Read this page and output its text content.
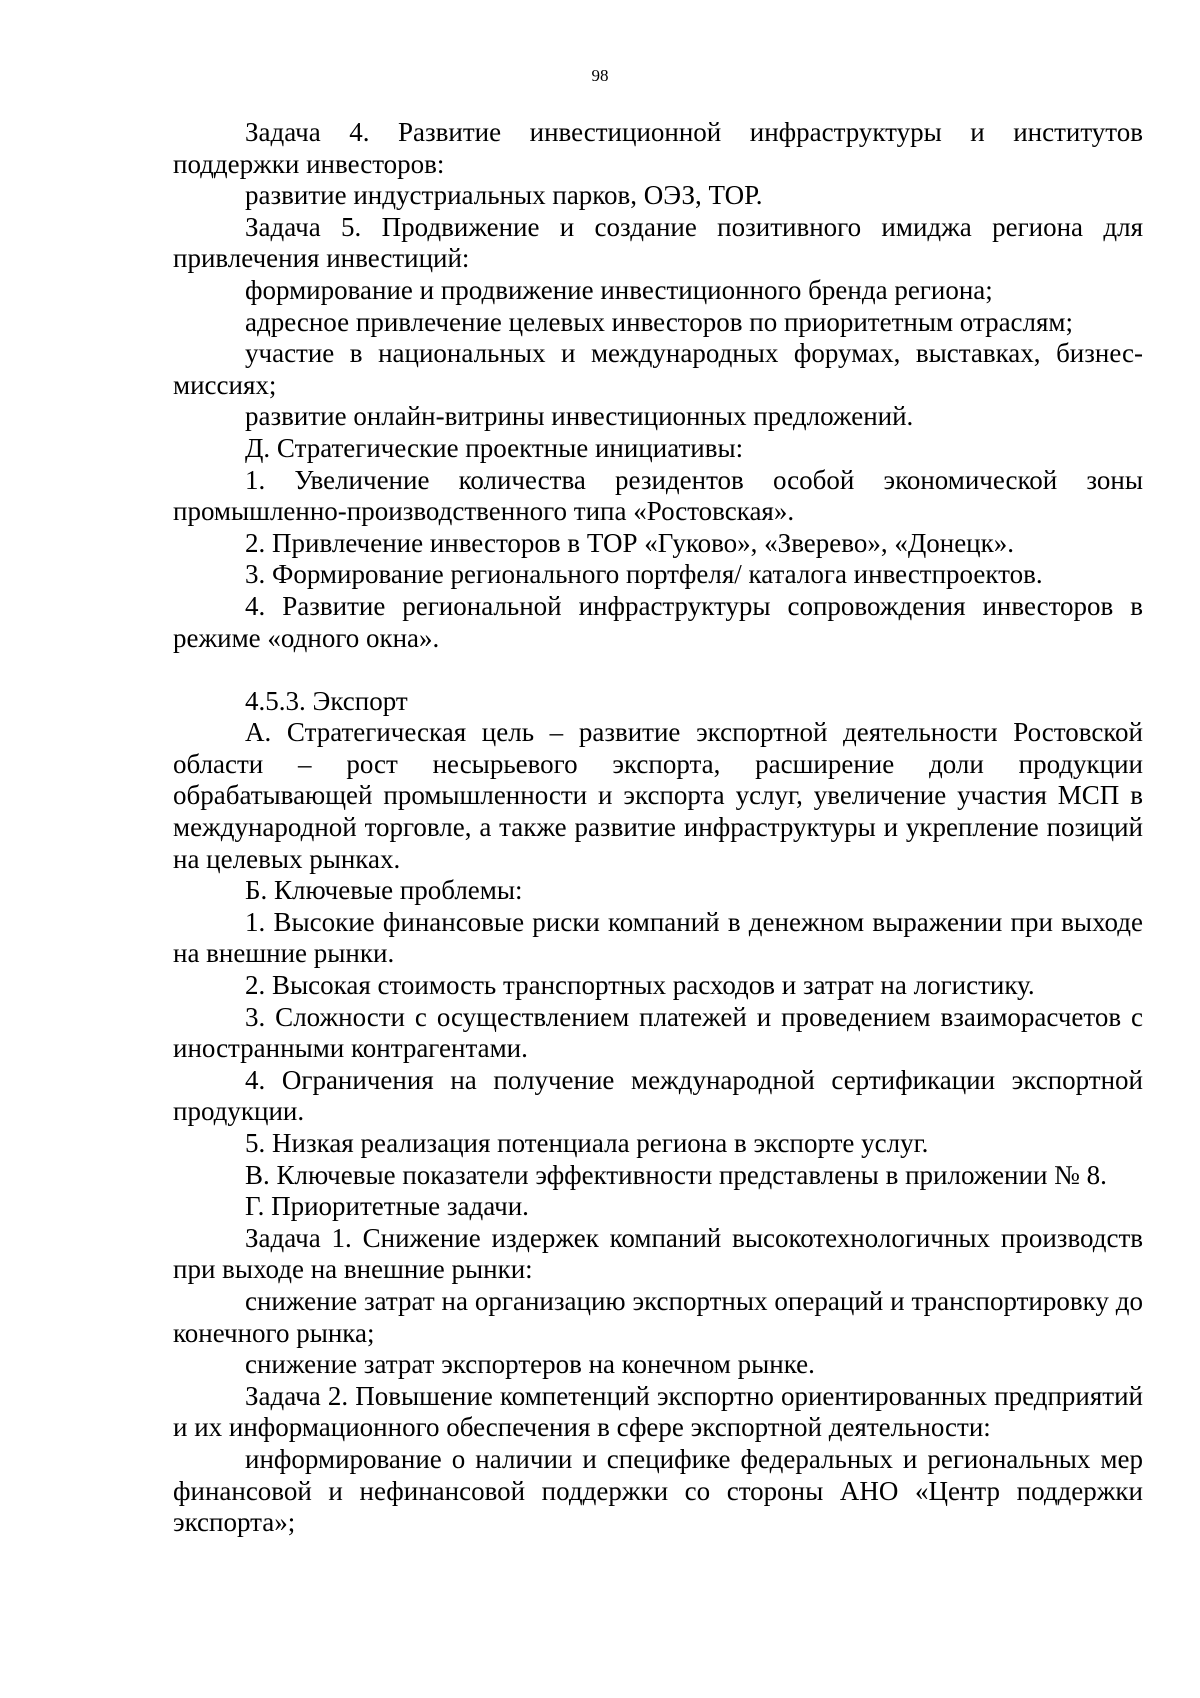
98

Задача 4. Развитие инвестиционной инфраструктуры и институтов поддержки инвесторов:

развитие индустриальных парков, ОЭЗ, ТОР.

Задача 5. Продвижение и создание позитивного имиджа региона для привлечения инвестиций:

формирование и продвижение инвестиционного бренда региона;

адресное привлечение целевых инвесторов по приоритетным отраслям;

участие в национальных и международных форумах, выставках, бизнес-миссиях;

развитие онлайн-витрины инвестиционных предложений.

Д. Стратегические проектные инициативы:

1. Увеличение количества резидентов особой экономической зоны промышленно-производственного типа «Ростовская».

2. Привлечение инвесторов в ТОР «Гуково», «Зверево», «Донецк».

3. Формирование регионального портфеля/ каталога инвестпроектов.

4. Развитие региональной инфраструктуры сопровождения инвесторов в режиме «одного окна».

4.5.3. Экспорт

А. Стратегическая цель – развитие экспортной деятельности Ростовской области – рост несырьевого экспорта, расширение доли продукции обрабатывающей промышленности и экспорта услуг, увеличение участия МСП в международной торговле, а также развитие инфраструктуры и укрепление позиций на целевых рынках.

Б. Ключевые проблемы:

1. Высокие финансовые риски компаний в денежном выражении при выходе на внешние рынки.

2. Высокая стоимость транспортных расходов и затрат на логистику.

3. Сложности с осуществлением платежей и проведением взаиморасчетов с иностранными контрагентами.

4. Ограничения на получение международной сертификации экспортной продукции.

5. Низкая реализация потенциала региона в экспорте услуг.

В. Ключевые показатели эффективности представлены в приложении № 8.

Г. Приоритетные задачи.

Задача 1. Снижение издержек компаний высокотехнологичных производств при выходе на внешние рынки:

снижение затрат на организацию экспортных операций и транспортировку до конечного рынка;

снижение затрат экспортеров на конечном рынке.

Задача 2. Повышение компетенций экспортно ориентированных предприятий и их информационного обеспечения в сфере экспортной деятельности:

информирование о наличии и специфике федеральных и региональных мер финансовой и нефинансовой поддержки со стороны АНО «Центр поддержки экспорта»;
